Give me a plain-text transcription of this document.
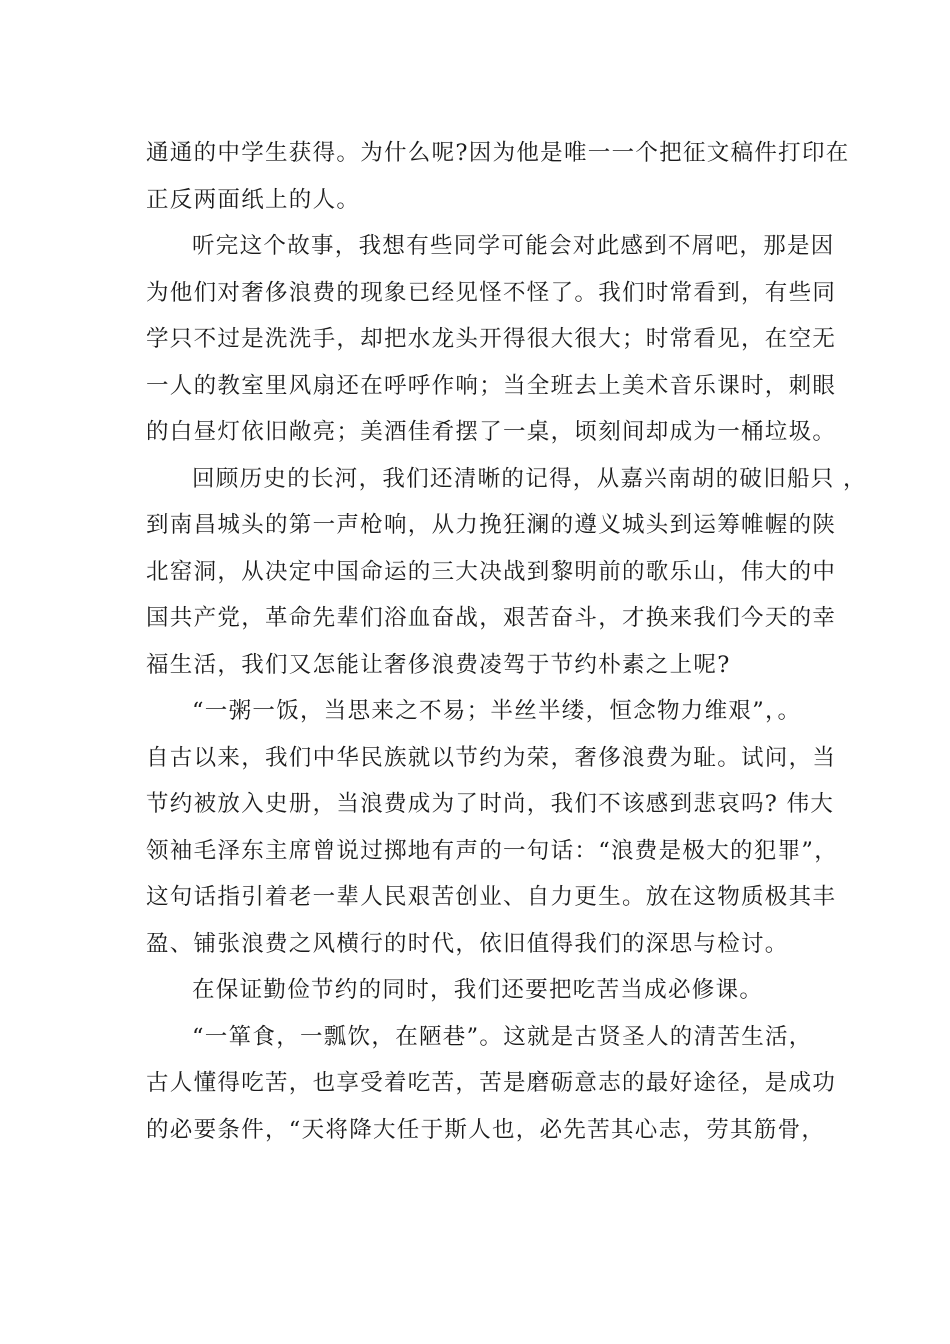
通通的中学生获得。为什么呢?因为他是唯一一个把征文稿件打印在
正反两面纸上的人。
听完这个故事，我想有些同学可能会对此感到不屑吧，那是因
为他们对奢侈浪费的现象已经见怪不怪了。我们时常看到，有些同
学只不过是洗洗手，却把水龙头开得很大很大；时常看见，在空无
一人的教室里风扇还在呼呼作响；当全班去上美术音乐课时，刺眼
的白昼灯依旧敞亮；美酒佳肴摆了一桌，顷刻间却成为一桶垃圾。
回顾历史的长河，我们还清晰的记得，从嘉兴南胡的破旧船只 ，
到南昌城头的第一声枪响，从力挽狂澜的遵义城头到运筹帷幄的陕
北窑洞，从决定中国命运的三大决战到黎明前的歌乐山，伟大的中
国共产党，革命先辈们浴血奋战，艰苦奋斗，才换来我们今天的幸
福生活，我们又怎能让奢侈浪费凌驾于节约朴素之上呢?
“一粥一饭，当思来之不易；半丝半缕，恒念物力维艰”，。
自古以来，我们中华民族就以节约为荣，奢侈浪费为耻。试问，当
节约被放入史册，当浪费成为了时尚，我们不该感到悲哀吗? 伟大
领袖毛泽东主席曾说过掷地有声的一句话：“浪费是极大的犯罪”，
这句话指引着老一辈人民艰苦创业、自力更生。放在这物质极其丰
盈、铺张浪费之风横行的时代，依旧值得我们的深思与检讨。
在保证勤俭节约的同时，我们还要把吃苦当成必修课。
“一箪食，一瓢饮，在陋巷”。这就是古贤圣人的清苦生活，
古人懂得吃苦，也享受着吃苦，苦是磨砺意志的最好途径，是成功
的必要条件，“天将降大任于斯人也，必先苦其心志，劳其筋骨，
